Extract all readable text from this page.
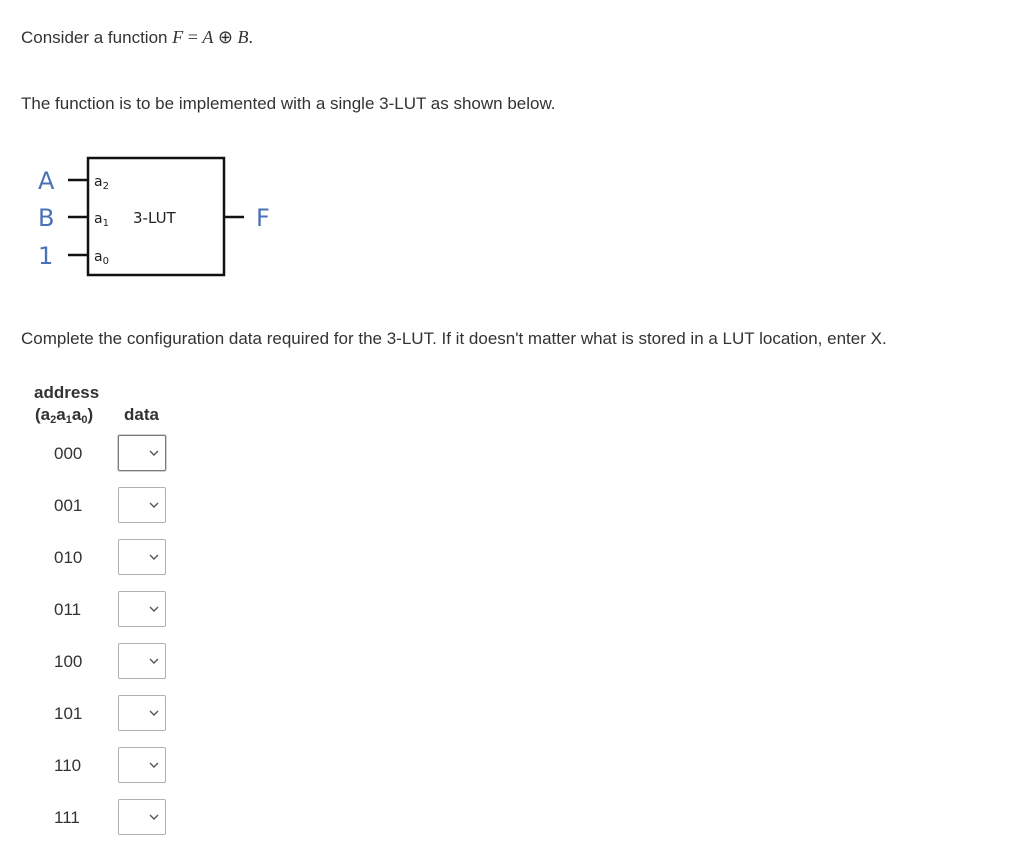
Consider a function F = A ⊕ B.
The function is to be implemented with a single 3-LUT as shown below.
A
B
1
$a_2$
$a_1$
$a_0$
3-LUT	F
Complete the configuration data required for the 3-LUT. If it doesn't matter what is stored in a LUT location, enter X.
address
$(a_2a_1a_0)$ data
000
001
010
011
100
101
110
111
